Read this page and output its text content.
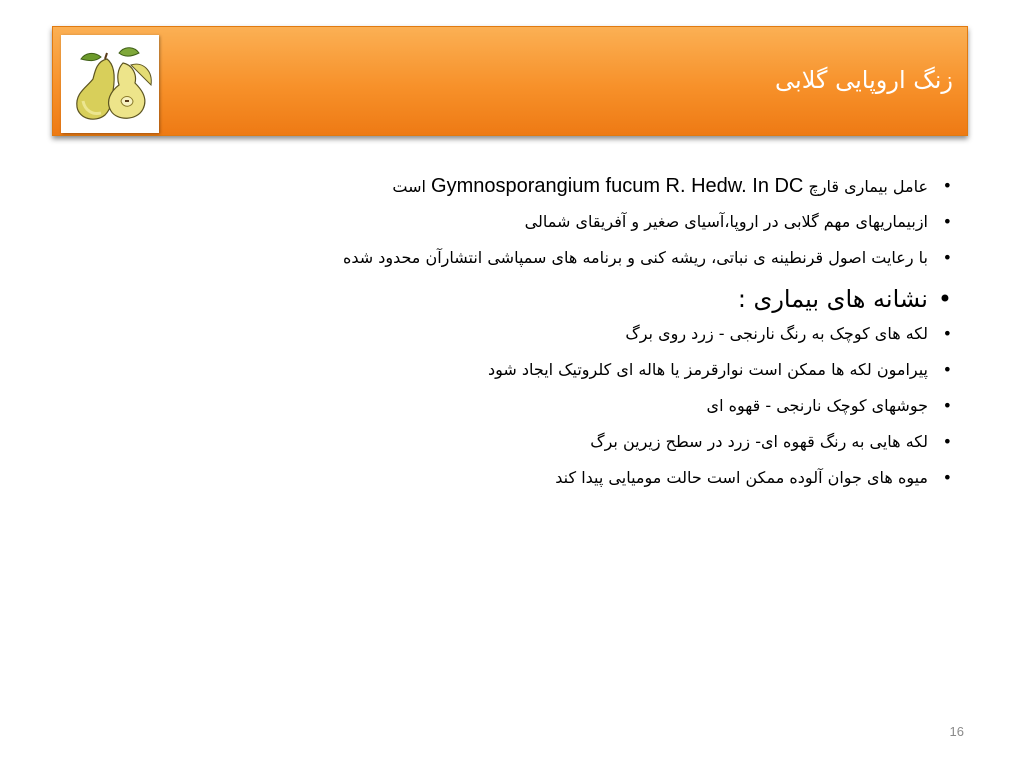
زنگ اروپایی گلابی
•
عامل بیماری قارچ Gymnosporangium fucum R. Hedw. In DC است
•
ازبیماریهای مهم گلابی در اروپا،آسیای صغیر و آفریقای شمالی
•
با رعایت اصول قرنطینه ی نباتی، ریشه کنی و برنامه های سمپاشی انتشارآن محدود شده
•
نشانه های بیماری :
•
لکه های کوچک به رنگ نارنجی - زرد روی برگ
•
پیرامون لکه ها ممکن است نوارقرمز یا هاله ای کلروتیک ایجاد شود
•
جوشهای کوچک نارنجی - قهوه ای
•
لکه هایی به رنگ قهوه ای- زرد در سطح زیرین برگ
•
میوه های جوان آلوده ممکن است حالت مومیایی پیدا کند
16
